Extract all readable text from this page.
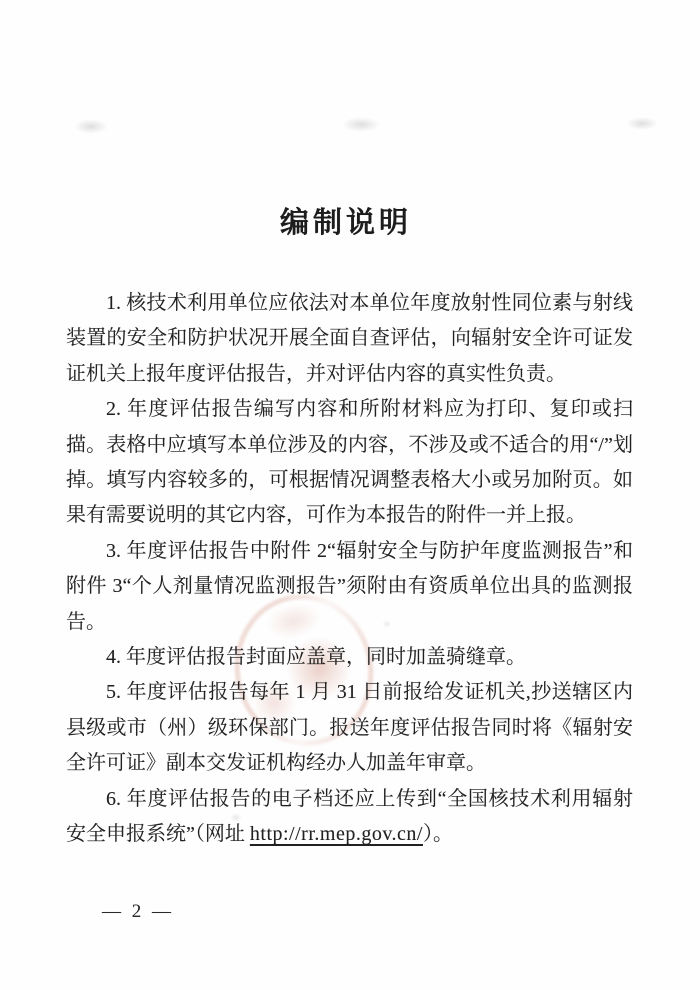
编制说明

1. 核技术利用单位应依法对本单位年度放射性同位素与射线装置的安全和防护状况开展全面自查评估，向辐射安全许可证发证机关上报年度评估报告，并对评估内容的真实性负责。

2. 年度评估报告编写内容和所附材料应为打印、复印或扫描。表格中应填写本单位涉及的内容，不涉及或不适合的用“/”划掉。填写内容较多的，可根据情况调整表格大小或另加附页。如果有需要说明的其它内容，可作为本报告的附件一并上报。

3. 年度评估报告中附件 2“辐射安全与防护年度监测报告”和附件 3“个人剂量情况监测报告”须附由有资质单位出具的监测报告。

4. 年度评估报告封面应盖章，同时加盖骑缝章。

5. 年度评估报告每年 1 月 31 日前报给发证机关,抄送辖区内县级或市（州）级环保部门。报送年度评估报告同时将《辐射安全许可证》副本交发证机构经办人加盖年审章。

6. 年度评估报告的电子档还应上传到“全国核技术利用辐射安全申报系统”（网址 http://rr.mep.gov.cn/）。

— 2 —
